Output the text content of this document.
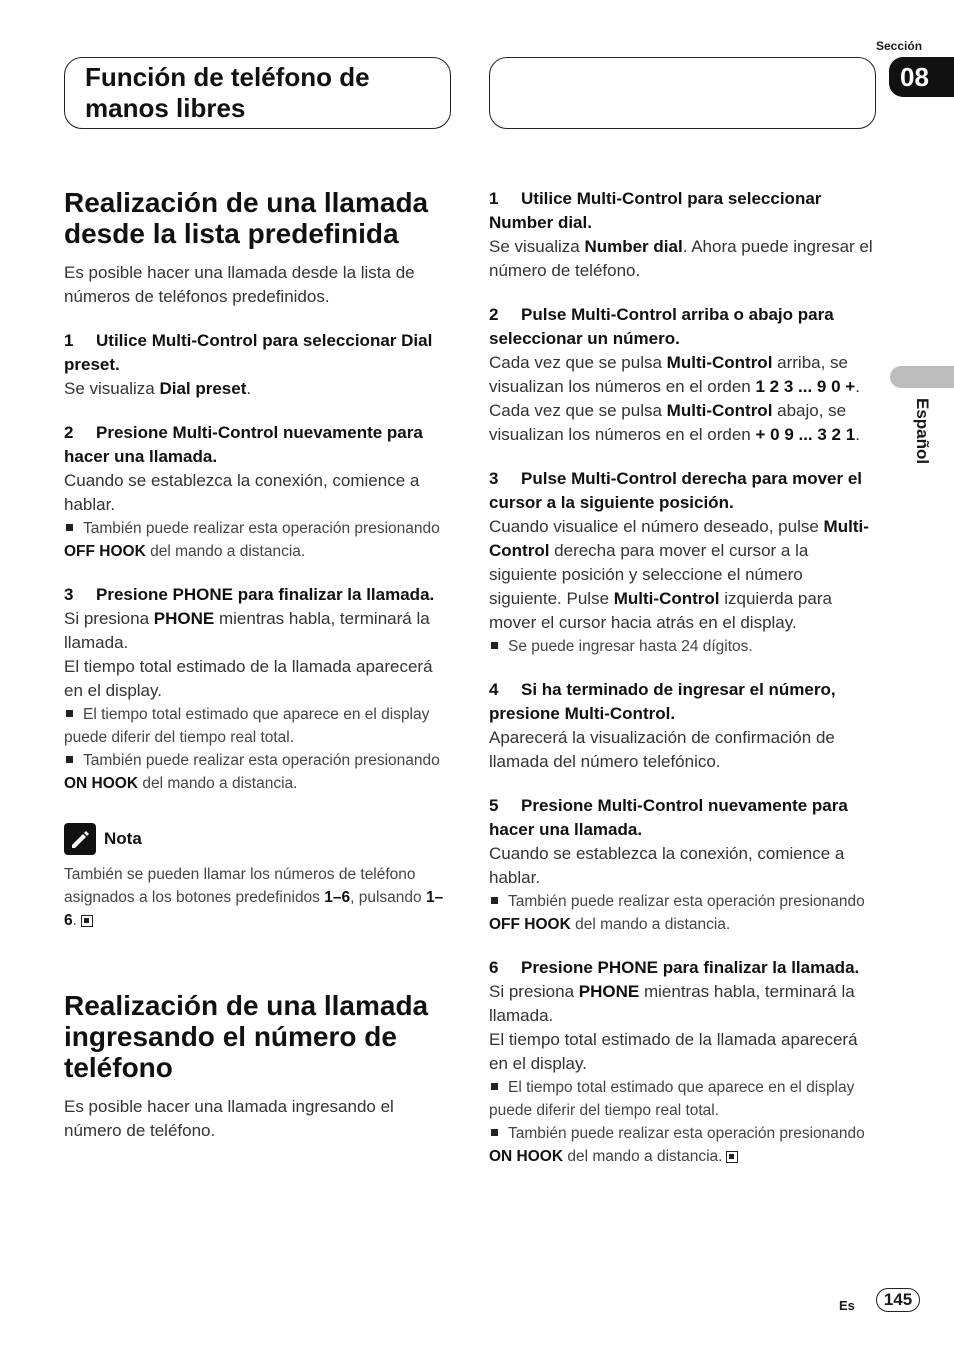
Función de teléfono de manos libres
Sección
08
Español
Realización de una llamada desde la lista predefinida

Es posible hacer una llamada desde la lista de números de teléfonos predefinidos.

1 Utilice Multi-Control para seleccionar Dial preset.

Se visualiza Dial preset.

2 Presione Multi-Control nuevamente para hacer una llamada.

Cuando se establezca la conexión, comience a hablar.

También puede realizar esta operación presionando OFF HOOK del mando a distancia.

3 Presione PHONE para finalizar la llamada.

Si presiona PHONE mientras habla, terminará la llamada.

El tiempo total estimado de la llamada aparecerá en el display.

El tiempo total estimado que aparece en el display puede diferir del tiempo real total.

También puede realizar esta operación presionando ON HOOK del mando a distancia.

Nota

También se pueden llamar los números de teléfono asignados a los botones predefinidos 1–6, pulsando 1–6.

Realización de una llamada ingresando el número de teléfono

Es posible hacer una llamada ingresando el número de teléfono.

1 Utilice Multi-Control para seleccionar Number dial.

Se visualiza Number dial. Ahora puede ingresar el número de teléfono.

2 Pulse Multi-Control arriba o abajo para seleccionar un número.

Cada vez que se pulsa Multi-Control arriba, se visualizan los números en el orden 1 2 3 ... 9 0 +. Cada vez que se pulsa Multi-Control abajo, se visualizan los números en el orden + 0 9 ... 3 2 1.

3 Pulse Multi-Control derecha para mover el cursor a la siguiente posición.

Cuando visualice el número deseado, pulse Multi-Control derecha para mover el cursor a la siguiente posición y seleccione el número siguiente. Pulse Multi-Control izquierda para mover el cursor hacia atrás en el display.

Se puede ingresar hasta 24 dígitos.

4 Si ha terminado de ingresar el número, presione Multi-Control.

Aparecerá la visualización de confirmación de llamada del número telefónico.

5 Presione Multi-Control nuevamente para hacer una llamada.

Cuando se establezca la conexión, comience a hablar.

También puede realizar esta operación presionando OFF HOOK del mando a distancia.

6 Presione PHONE para finalizar la llamada.

Si presiona PHONE mientras habla, terminará la llamada.

El tiempo total estimado de la llamada aparecerá en el display.

El tiempo total estimado que aparece en el display puede diferir del tiempo real total.

También puede realizar esta operación presionando ON HOOK del mando a distancia.

Es	145
